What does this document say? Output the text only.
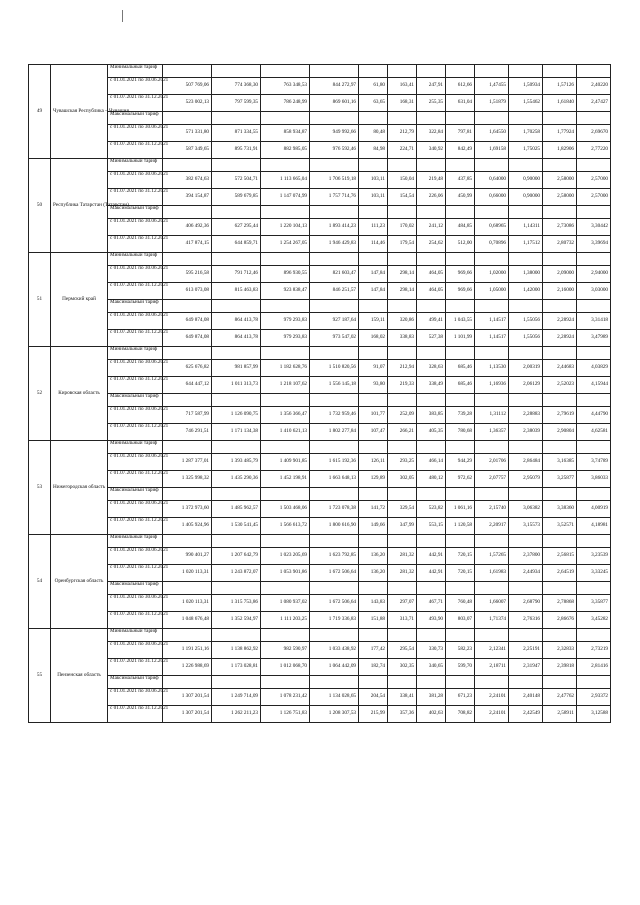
49	Чувашская Республика – Чувашия	Минимальный тариф												
		с 01.01.2021 по 30.06.2021	507 769,06	774 368,30	763 348,53	844 272,97	61,80	163,41	247,91	612,66	1,47455	1,50934	1,57126	2,40220
		с 01.07.2021 по 31.12.2021	523 002,13	797 599,35	786 248,99	869 601,16	63,65	168,31	255,35	631,04	1,51879	1,55462	1,61840	2,47427
		Максимальный тариф												
		с 01.01.2021 по 30.06.2021	571 331,80	871 334,55	858 934,87	949 992,66	80,48	212,79	322,84	797,81	1,64550	1,70258	1,77924	2,69670
		с 01.07.2021 по 31.12.2021	587 349,65	895 731,91	882 985,05	976 592,46	84,98	224,71	340,92	842,49	1,69158	1,75025	1,82906	2,77220
50	Республика Татарстан (Татарстан)	Минимальный тариф												
		с 01.01.2021 по 30.06.2021	382 674,63	572 504,71	1 113 665,04	1 706 519,18	103,11	150,04	219,48	437,85	0,64000	0,90000	2,58000	2,57000
		с 01.07.2021 по 31.12.2021	394 154,87	589 679,85	1 147 074,99	1 757 714,76	103,11	154,54	226,06	450,99	0,66000	0,90000	2,58000	2,57000
		Максимальный тариф												
		с 01.01.2021 по 30.06.2021	406 492,36	627 295,44	1 220 104,13	1 893 414,23	111,23	170,02	241,12	484,85	0,68965	1,14311	2,73086	3,30442
		с 01.07.2021 по 31.12.2021	417 874,15	644 859,71	1 254 267,05	1 946 429,83	114,46	179,54	254,62	512,00	0,70896	1,17512	2,80732	3,39694
51	Пермский край	Минимальный тариф												
		с 01.01.2021 по 30.06.2021	595 216,58	791 712,46	896 930,55	821 603,47	147,84	298,14	464,05	969,66	1,02000	1,38000	2,09000	2,94000
		с 01.07.2021 по 31.12.2021	613 073,08	815 463,83	923 838,47	846 251,57	147,84	298,14	464,05	969,66	1,05000	1,42000	2,16000	3,03000
		Максимальный тариф												
		с 01.01.2021 по 30.06.2021	649 874,08	864 413,78	979 293,83	927 187,64	159,11	320,86	499,41	1 043,55	1,14517	1,55056	2,28924	3,31418
		с 01.07.2021 по 31.12.2021	649 874,08	864 413,78	979 293,83	973 547,02	168,02	338,83	527,38	1 101,99	1,14517	1,55056	2,28924	3,47989
52	Кировская область	Минимальный тариф												
		с 01.01.2021 по 30.06.2021	625 676,82	981 857,99	1 182 628,76	1 510 820,56	91,07	212,94	328,63	685,46	1,13530	2,00319	2,44683	4,03829
		с 01.07.2021 по 31.12.2021	644 447,12	1 011 313,73	1 218 107,62	1 556 145,18	93,80	219,33	338,49	685,46	1,16936	2,06129	2,52023	4,15944
		Максимальный тариф												
		с 01.01.2021 по 30.06.2021	717 587,99	1 126 090,75	1 356 366,47	1 732 959,46	101,77	252,09	383,85	739,28	1,31112	2,28883	2,79619	4,44790
		с 01.07.2021 по 31.12.2021	746 291,51	1 171 134,38	1 410 621,13	1 802 277,84	107,47	266,21	405,35	780,68	1,36357	2,38039	2,90804	4,62581
53	Нижегородская область	Минимальный тариф												
		с 01.01.2021 по 30.06.2021	1 287 377,01	1 393 485,79	1 409 901,85	1 615 192,36	126,11	293,25	466,14	944,29	2,01706	2,86484	3,16385	3,74789
		с 01.07.2021 по 31.12.2021	1 325 998,32	1 435 290,36	1 452 198,91	1 663 648,13	129,89	302,05	480,12	972,62	2,07757	2,95079	3,25877	3,86033
		Максимальный тариф												
		с 01.01.2021 по 30.06.2021	1 372 973,60	1 485 962,57	1 503 468,06	1 723 078,38	141,72	329,54	523,82	1 061,16	2,15740	3,06382	3,38360	4,00919
		с 01.07.2021 по 31.12.2021	1 405 924,96	1 530 541,45	1 566 613,72	1 800 616,90	149,66	347,99	553,15	1 120,58	2,20917	3,15573	3,52571	4,18981
54	Оренбургская область	Минимальный тариф												
		с 01.01.2021 по 30.06.2021	990 401,27	1 207 642,79	1 023 205,69	1 623 792,85	136,20	281,32	442,91	720,15	1,57265	2,37800	2,56815	3,23539
		с 01.07.2021 по 31.12.2021	1 020 113,31	1 243 872,07	1 053 901,86	1 672 506,64	136,20	281,32	442,91	720,15	1,61983	2,44934	2,64519	3,33245
		Максимальный тариф												
		с 01.01.2021 по 30.06.2021	1 020 113,31	1 315 753,86	1 080 937,02	1 672 506,64	143,83	297,07	467,71	760,48	1,66007	2,68790	2,78868	3,35877
		с 01.07.2021 по 31.12.2021	1 048 676,48	1 352 594,97	1 111 203,25	1 719 336,83	151,88	313,71	493,90	803,07	1,71374	2,76316	2,86676	3,45282
55	Пензенская область	Минимальный тариф												
		с 01.01.2021 по 30.06.2021	1 191 251,16	1 138 862,92	982 590,97	1 033 438,92	177,42	295,54	330,73	582,23	2,12341	2,25191	2,32833	2,73219
		с 01.07.2021 по 31.12.2021	1 226 988,69	1 173 028,81	1 012 068,70	1 064 442,09	182,74	302,35	340,65	599,70	2,18711	2,31947	2,39818	2,81416
		Максимальный тариф												
		с 01.01.2021 по 30.06.2021	1 307 201,54	1 249 714,09	1 078 231,42	1 134 028,65	204,54	338,41	381,28	671,23	2,24101	2,40148	2,47762	2,93372
		с 01.07.2021 по 31.12.2021	1 307 201,54	1 262 211,23	1 126 751,83	1 208 307,53	215,99	357,36	402,63	708,82	2,24101	2,42549	2,58911	3,12588
